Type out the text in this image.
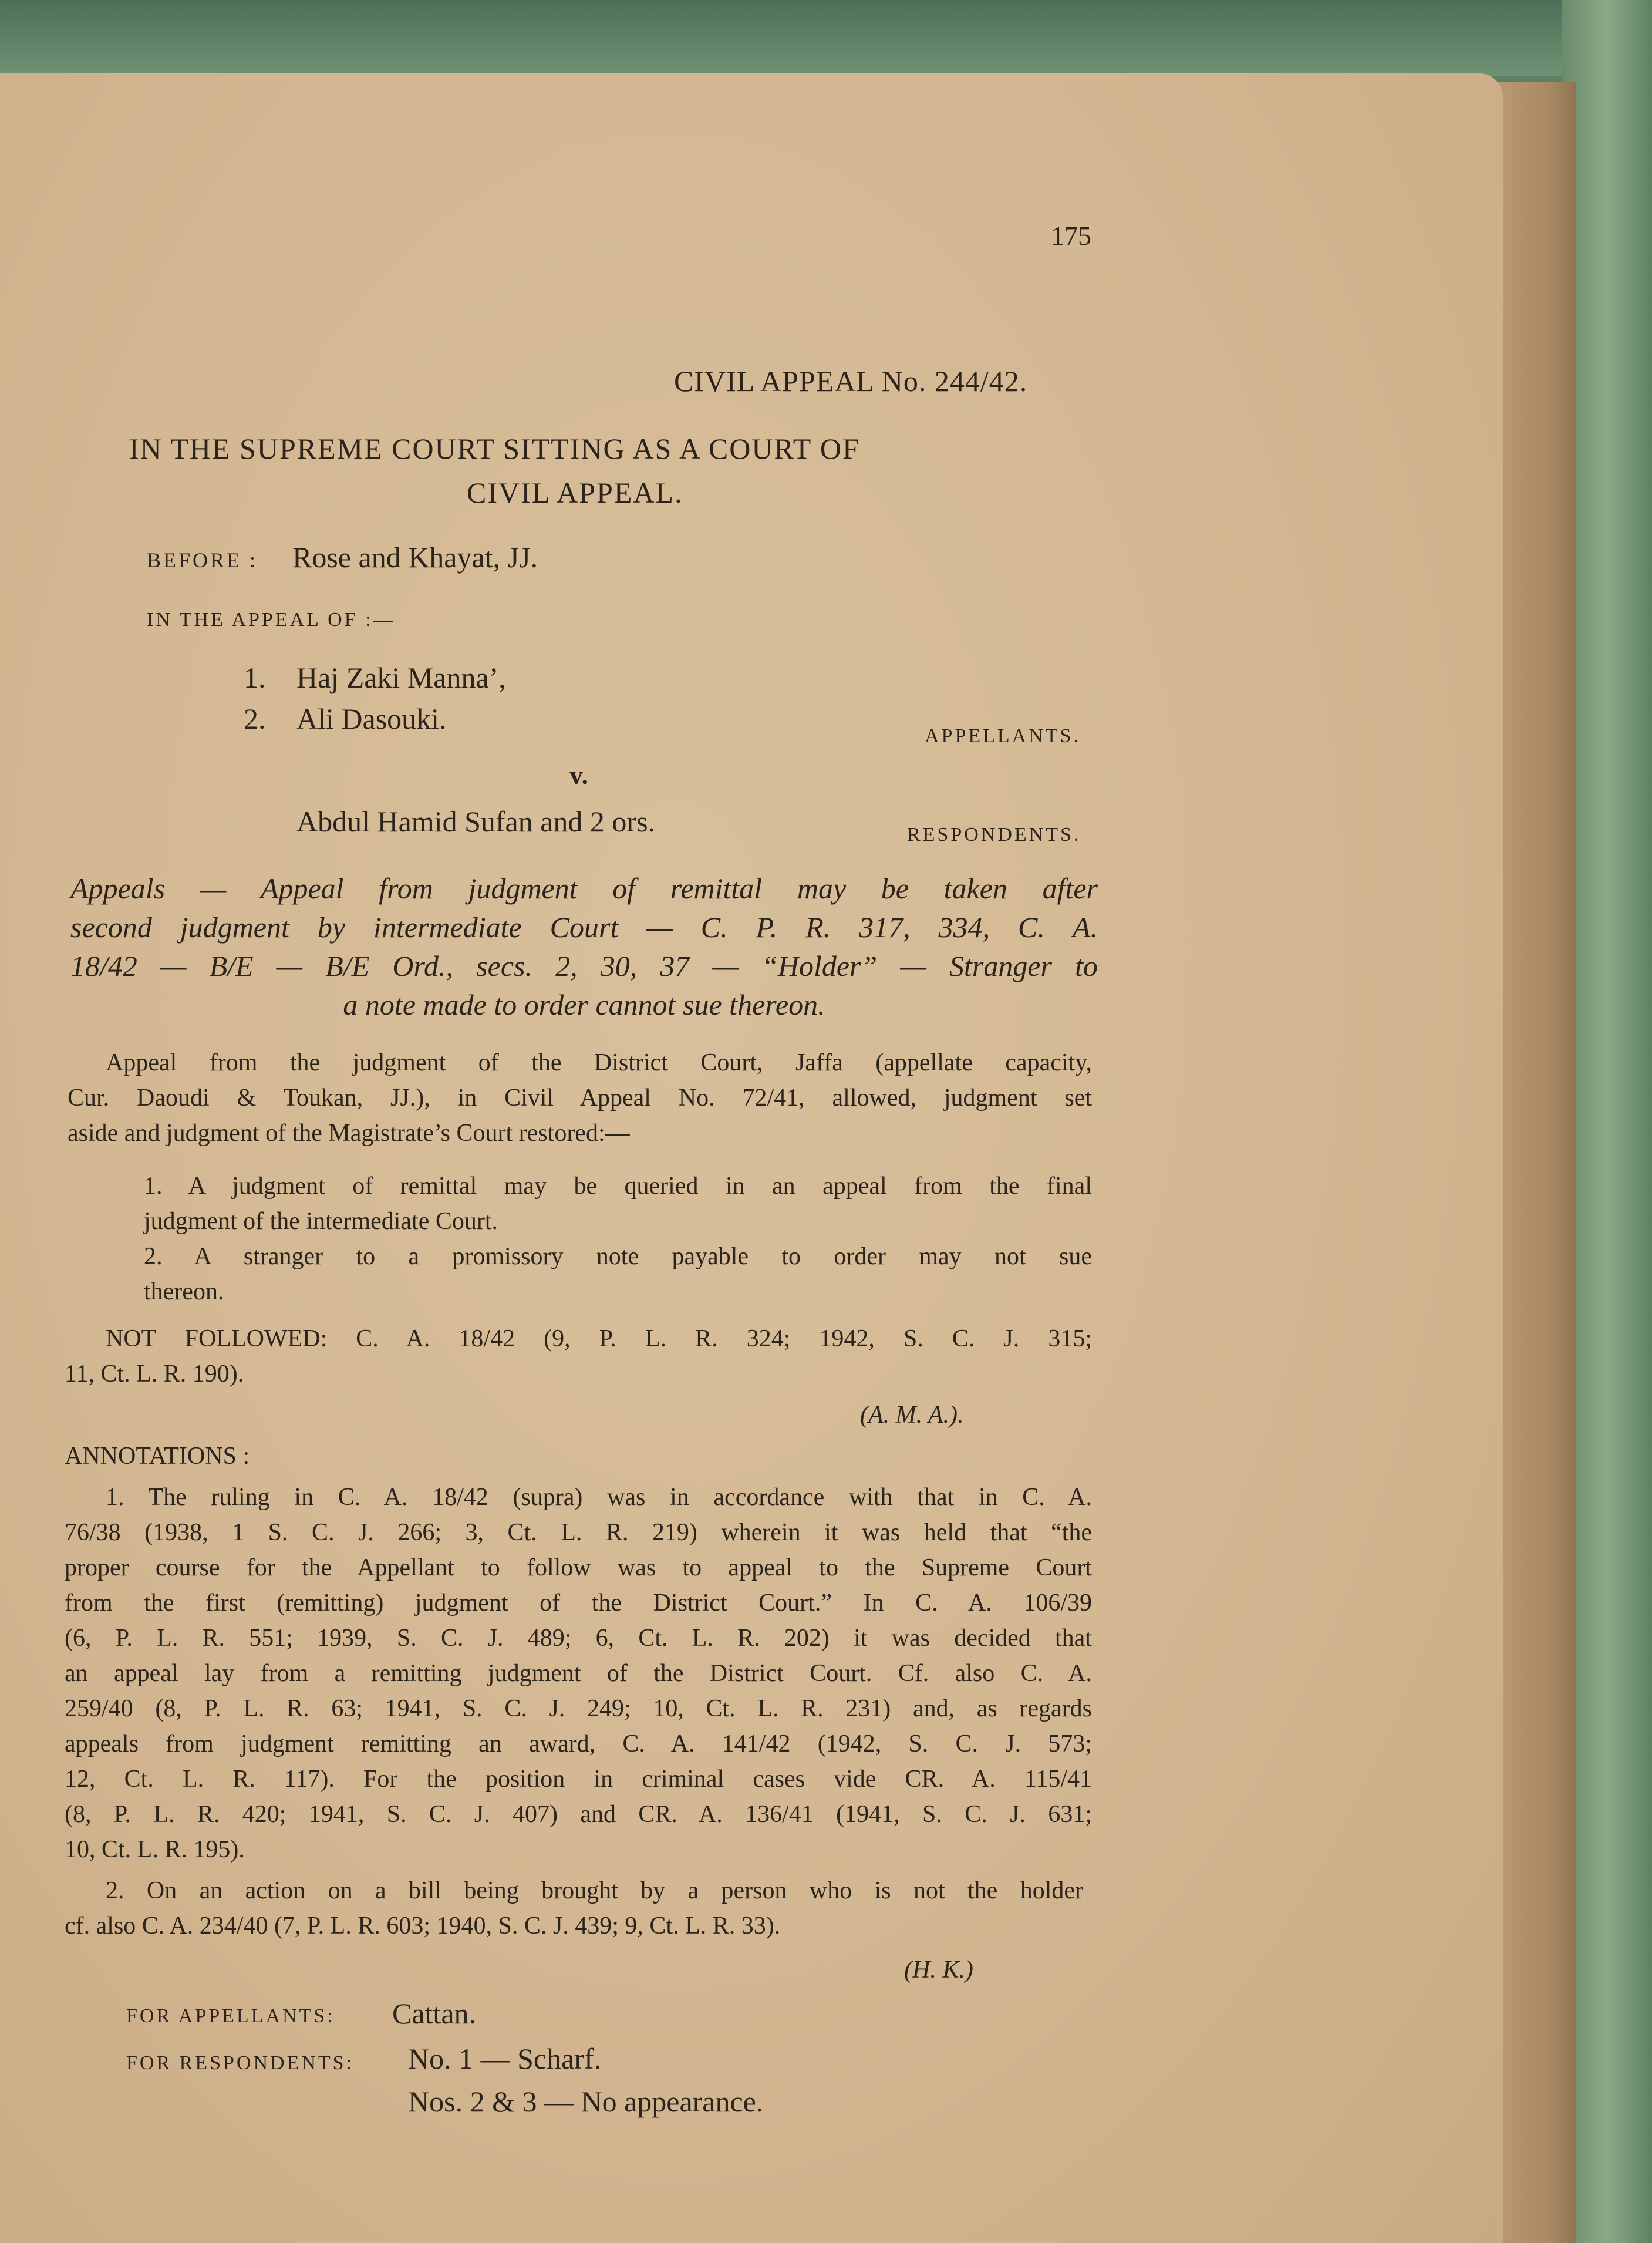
175
CIVIL APPEAL No. 244/42.
IN THE SUPREME COURT SITTING AS A COURT OF
CIVIL APPEAL.
BEFORE : Rose and Khayat, JJ.
IN THE APPEAL OF :—
1. Haj Zaki Manna’,
2. Ali Dasouki.
APPELLANTS.
v.
Abdul Hamid Sufan and 2 ors.	RESPONDENTS.
Appeals — Appeal from judgment of remittal may be taken after
second judgment by intermediate Court — C. P. R. 317, 334, C. A.
18/42 — B/E — B/E Ord., secs. 2, 30, 37 — “Holder” — Stranger to
a note made to order cannot sue thereon.
Appeal from the judgment of the District Court, Jaffa (appellate capacity,
Cur. Daoudi & Toukan, JJ.), in Civil Appeal No. 72/41, allowed, judgment set
aside and judgment of the Magistrate’s Court restored:—
1. A judgment of remittal may be queried in an appeal from the final
judgment of the intermediate Court.
2. A stranger to a promissory note payable to order may not sue
thereon.
NOT FOLLOWED: C. A. 18/42 (9, P. L. R. 324; 1942, S. C. J. 315;
11, Ct. L. R. 190).
(A. M. A.).
ANNOTATIONS :
1. The ruling in C. A. 18/42 (supra) was in accordance with that in C. A.
76/38 (1938, 1 S. C. J. 266; 3, Ct. L. R. 219) wherein it was held that “the
proper course for the Appellant to follow was to appeal to the Supreme Court
from the first (remitting) judgment of the District Court.” In C. A. 106/39
(6, P. L. R. 551; 1939, S. C. J. 489; 6, Ct. L. R. 202) it was decided that
an appeal lay from a remitting judgment of the District Court. Cf. also C. A.
259/40 (8, P. L. R. 63; 1941, S. C. J. 249; 10, Ct. L. R. 231) and, as regards
appeals from judgment remitting an award, C. A. 141/42 (1942, S. C. J. 573;
12, Ct. L. R. 117). For the position in criminal cases vide CR. A. 115/41
(8, P. L. R. 420; 1941, S. C. J. 407) and CR. A. 136/41 (1941, S. C. J. 631;
10, Ct. L. R. 195).
2. On an action on a bill being brought by a person who is not the holder
cf. also C. A. 234/40 (7, P. L. R. 603; 1940, S. C. J. 439; 9, Ct. L. R. 33).
(H. K.)
FOR APPELLANTS: Cattan.
FOR RESPONDENTS: No. 1 — Scharf.
Nos. 2 & 3 — No appearance.
